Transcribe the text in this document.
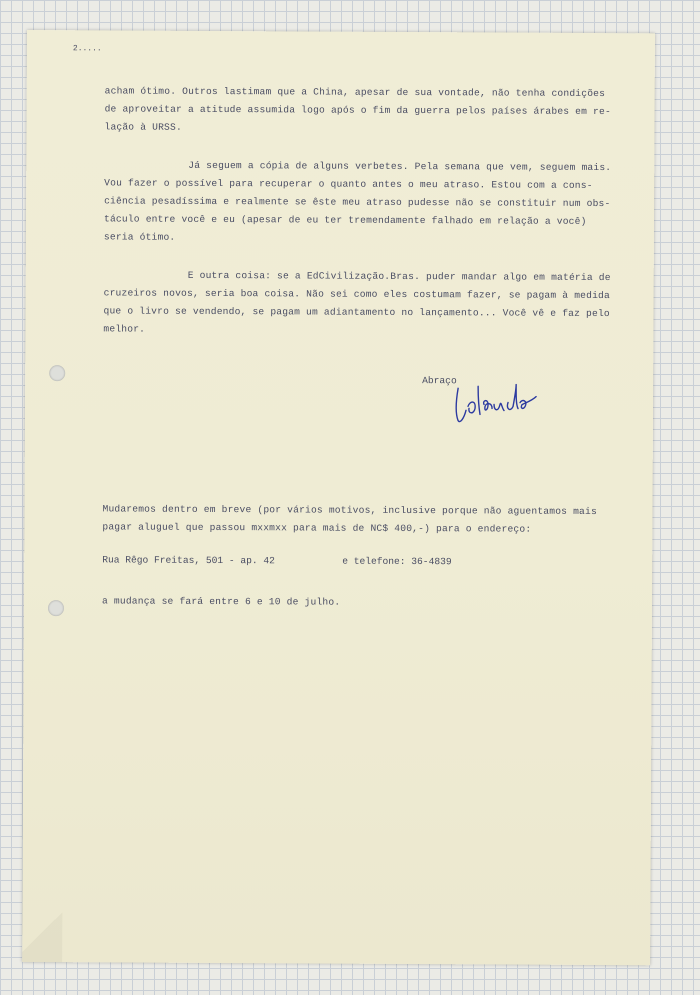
2.....

acham ótimo. Outros lastimam que a China, apesar de sua vontade, não tenha condições
de aproveitar a atitude assumida logo após o fim da guerra pelos países árabes em re-
lação à URSS.

Já seguem a cópia de alguns verbetes. Pela semana que vem, seguem mais.
Vou fazer o possível para recuperar o quanto antes o meu atraso. Estou com a cons-
ciência pesadíssima e realmente se êste meu atraso pudesse não se constituir num obs-
táculo entre você e eu (apesar de eu ter tremendamente falhado em relação a você)
seria ótimo.

E outra coisa: se a EdCivilização.Bras. puder mandar algo em matéria de
cruzeiros novos, seria boa coisa. Não sei como eles costumam fazer, se pagam à medida
que o livro se vendendo, se pagam um adiantamento no lançamento... Você vê e faz pelo
melhor.

Abraço

Mudaremos dentro em breve (por vários motivos, inclusive porque não aguentamos mais
pagar aluguel que passou mxxmxx para mais de NC$ 400,-) para o endereço:

Rua Rêgo Freitas, 501 - ap. 42	e telefone: 36-4839

a mudança se fará entre 6 e 10 de julho.
